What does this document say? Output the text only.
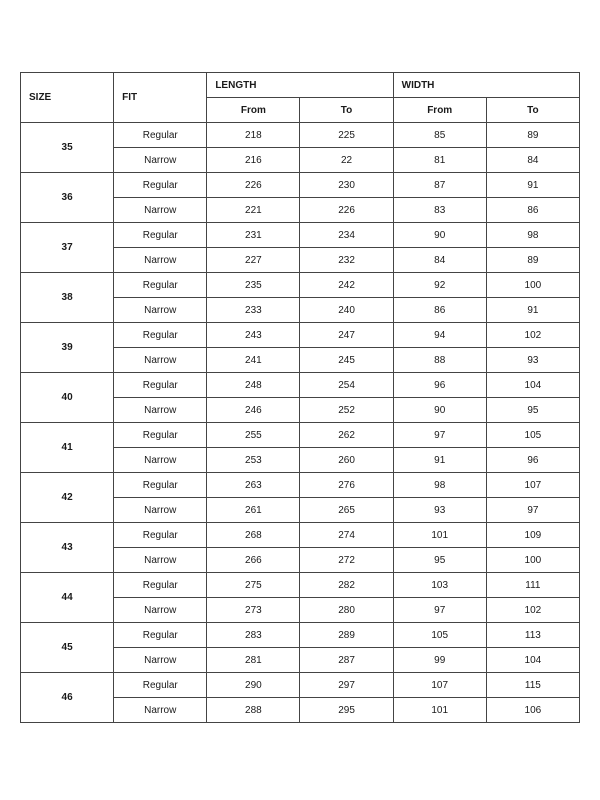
SIZE	FIT	LENGTH		WIDTH	
		From	To	From	To
35	Regular	218	225	85	89
	Narrow	216	22	81	84
36	Regular	226	230	87	91
	Narrow	221	226	83	86
37	Regular	231	234	90	98
	Narrow	227	232	84	89
38	Regular	235	242	92	100
	Narrow	233	240	86	91
39	Regular	243	247	94	102
	Narrow	241	245	88	93
40	Regular	248	254	96	104
	Narrow	246	252	90	95
41	Regular	255	262	97	105
	Narrow	253	260	91	96
42	Regular	263	276	98	107
	Narrow	261	265	93	97
43	Regular	268	274	101	109
	Narrow	266	272	95	100
44	Regular	275	282	103	111
	Narrow	273	280	97	102
45	Regular	283	289	105	113
	Narrow	281	287	99	104
46	Regular	290	297	107	115
	Narrow	288	295	101	106
